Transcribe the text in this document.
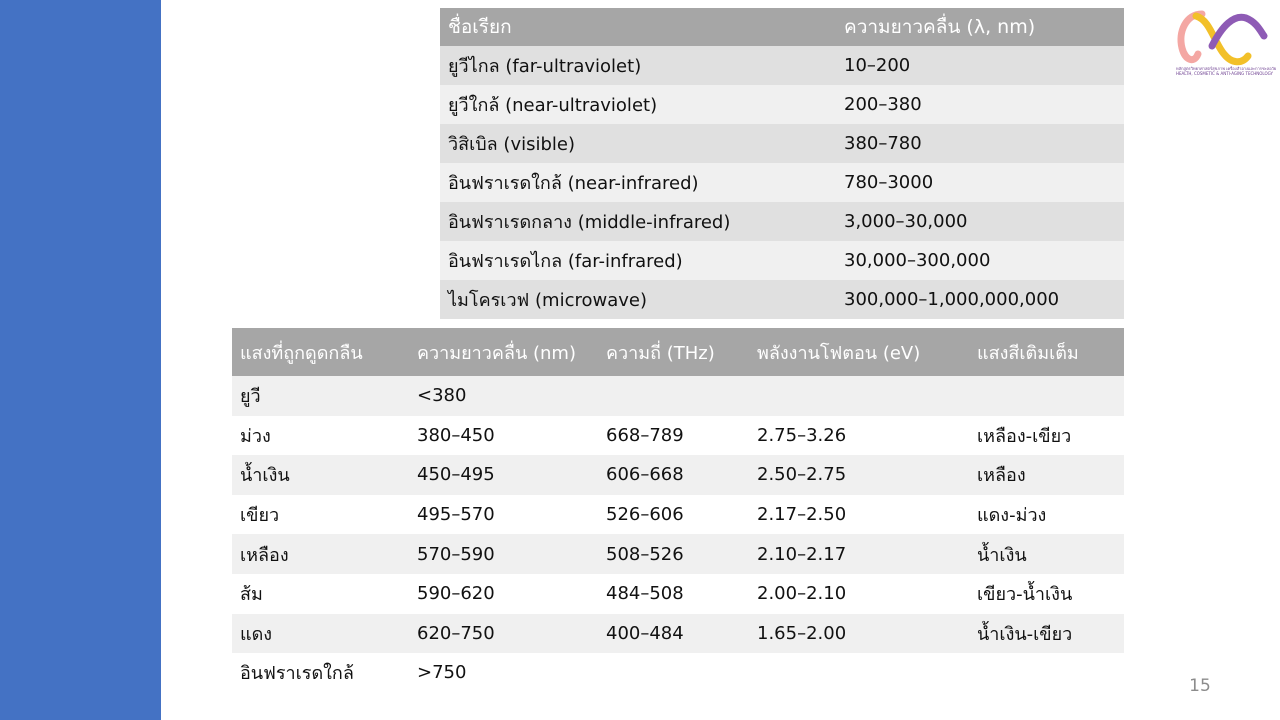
หลักสูตรวิทยาศาสตร์สุขภาพ เครื่องสำอางและการชะลอวัย
HEALTH, COSMETIC & ANTI-AGING TECHNOLOGY
ชื่อเรียก	ความยาวคลื่น (λ, nm)
ยูวีไกล (far-ultraviolet)	10–200
ยูวีใกล้ (near-ultraviolet)	200–380
วิสิเบิล (visible)	380–780
อินฟราเรดใกล้ (near-infrared)	780–3000
อินฟราเรดกลาง (middle-infrared)	3,000–30,000
อินฟราเรดไกล (far-infrared)	30,000–300,000
ไมโครเวฟ (microwave)	300,000–1,000,000,000
แสงที่ถูกดูดกลืน	ความยาวคลื่น (nm)	ความถี่ (THz)	พลังงานโฟตอน (eV)	แสงสีเติมเต็ม
ยูวี	<380			
ม่วง	380–450	668–789	2.75–3.26	เหลือง-เขียว
น้ำเงิน	450–495	606–668	2.50–2.75	เหลือง
เขียว	495–570	526–606	2.17–2.50	แดง-ม่วง
เหลือง	570–590	508–526	2.10–2.17	น้ำเงิน
ส้ม	590–620	484–508	2.00–2.10	เขียว-น้ำเงิน
แดง	620–750	400–484	1.65–2.00	น้ำเงิน-เขียว
อินฟราเรดใกล้	>750			
15
